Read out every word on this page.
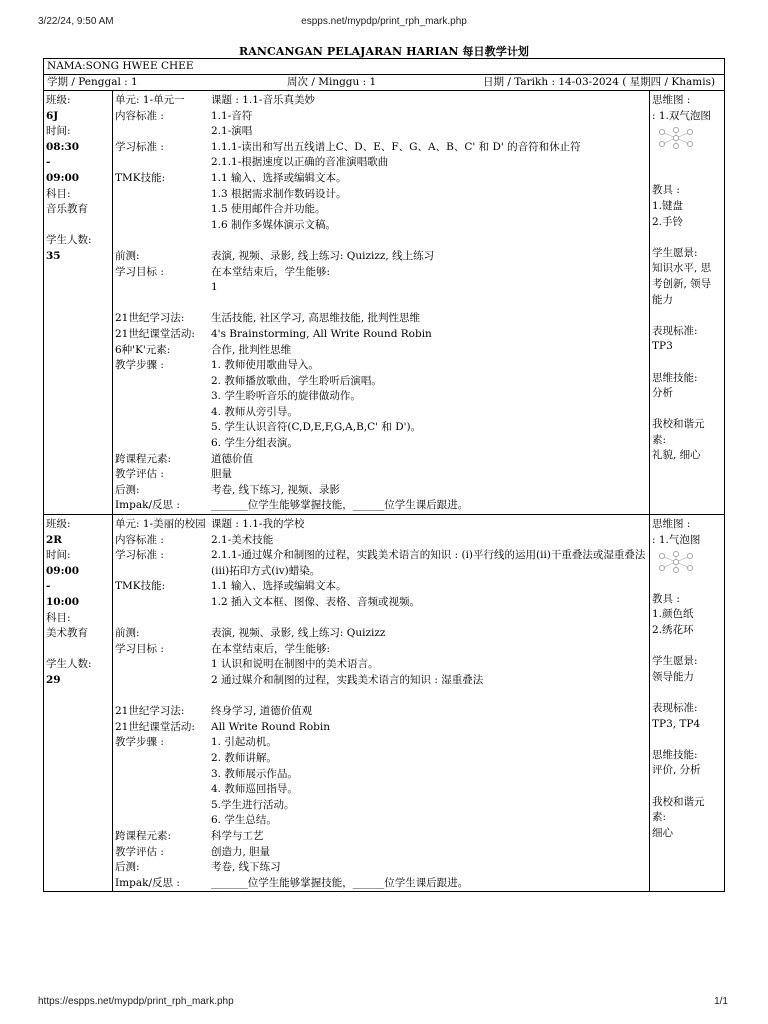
3/22/24, 9:50 AM	espps.net/mypdp/print_rph_mark.php
RANCANGAN PELAJARAN HARIAN 每日教学计划
NAMA:SONG HWEE CHEE
学期 / Penggal : 1	周次 / Minggu : 1	日期 / Tarikh : 14-03-2024 ( 星期四 / Khamis)
班级:
6J
时间:
08:30
-
09:00
科目:
音乐教育
学生人数:
35
单元: 1-单元一	课题 : 1.1-音乐真美妙
内容标准 :	1.1-音符
2.1-演唱
学习标准 :	1.1.1-读出和写出五线谱上C、D、E、F、G、A、B、C' 和 D' 的音符和休止符
2.1.1-根据速度以正确的音准演唱歌曲
TMK技能:	1.1 输入、选择或编辑文本。
1.3 根据需求制作数码设计。
1.5 使用邮件合并功能。
1.6 制作多媒体演示文稿。
前测:	表演, 视频、录影, 线上练习: Quizizz, 线上练习
学习目标 :	在本堂结束后，学生能够:
1
21世纪学习法:	生活技能, 社区学习, 高思维技能, 批判性思维
21世纪课堂活动:	4's Brainstorming, All Write Round Robin
6种'K'元素:	合作, 批判性思维
教学步骤 :	1. 教师使用歌曲导入。
2. 教师播放歌曲，学生聆听后演唱。
3. 学生聆听音乐的旋律做动作。
4. 教师从旁引导。
5. 学生认识音符(C,D,E,F,G,A,B,C' 和 D')。
6. 学生分组表演。
跨课程元素:	道德价值
教学评估 :	胆量
后测:	考卷, 线下练习, 视频、录影
Impak/反思 :	_______位学生能够掌握技能，______位学生课后跟进。
思维图 :
: 1.双气泡图
教具 :
1.键盘
2.手铃
学生愿景:
知识水平, 思
考创新, 领导
能力
表现标准:
TP3
思维技能:
分析
我校和谐元
素:
礼貌, 细心
班级:
2R
时间:
09:00
-
10:00
科目:
美术教育
学生人数:
29
单元: 1-美丽的校园 课题 : 1.1-我的学校
内容标准 :	2.1-美术技能
学习标准 :	2.1.1-通过媒介和制图的过程，实践美术语言的知识 : (i)平行线的运用(ii)干重叠法或湿重叠法(iii)拓印方式(iv)蜡染。
TMK技能:	1.1 输入、选择或编辑文本。
1.2 插入文本框、图像、表格、音频或视频。
前测:	表演, 视频、录影, 线上练习: Quizizz
学习目标 :	在本堂结束后，学生能够:
1 认识和说明在制图中的美术语言。
2 通过媒介和制图的过程，实践美术语言的知识 : 湿重叠法
21世纪学习法:	终身学习, 道德价值观
21世纪课堂活动:	All Write Round Robin
教学步骤 :	1. 引起动机。
2. 教师讲解。
3. 教师展示作品。
4. 教师巡回指导。
5.学生进行活动。
6. 学生总结。
跨课程元素:	科学与工艺
教学评估 :	创造力, 胆量
后测:	考卷, 线下练习
Impak/反思 :	_______位学生能够掌握技能，______位学生课后跟进。
思维图 :
: 1.气泡图
教具 :
1.颜色纸
2.绣花环
学生愿景:
领导能力
表现标准:
TP3, TP4
思维技能:
评价, 分析
我校和谐元
素:
细心
https://espps.net/mypdp/print_rph_mark.php	1/1
